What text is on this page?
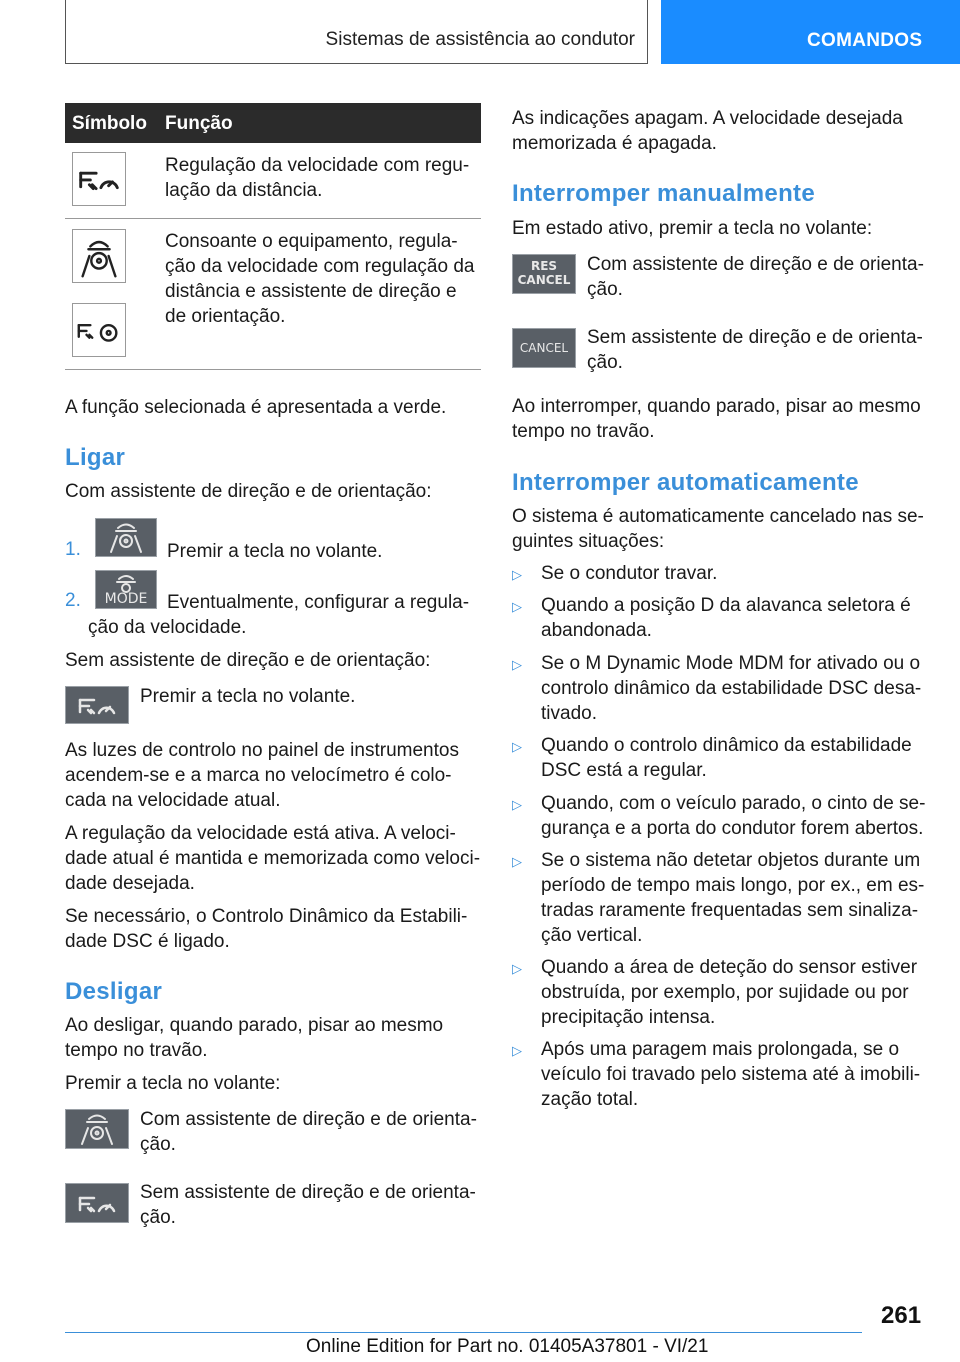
Sistemas de assistência ao condutor	COMANDOS
Símbolo Função
Regulação da velocidade com regu-
lação da distância.
Consoante o equipamento, regula-
ção da velocidade com regulação da
distância e assistente de direção e
de orientação.

A função selecionada é apresentada a verde.

Ligar

Com assistente de direção e de orientação:

1.	Premir a tecla no volante.

2.	MODE	Eventualmente, configurar a regula-

ção da velocidade.

Sem assistente de direção e de orientação:

Premir a tecla no volante.

As luzes de controlo no painel de instrumentos
acendem-se e a marca no velocímetro é colo-
cada na velocidade atual.

A regulação da velocidade está ativa. A veloci-
dade atual é mantida e memorizada como veloci-
dade desejada.

Se necessário, o Controlo Dinâmico da Estabili-
dade DSC é ligado.

Desligar

Ao desligar, quando parado, pisar ao mesmo
tempo no travão.

Premir a tecla no volante:

Com assistente de direção e de orienta-
ção.

Sem assistente de direção e de orienta-
ção.

As indicações apagam. A velocidade desejada
memorizada é apagada.

Interromper manualmente

Em estado ativo, premir a tecla no volante:

RES
CANCEL

Com assistente de direção e de orienta-
ção.

CANCEL Sem assistente de direção e de orienta-
ção.

Ao interromper, quando parado, pisar ao mesmo
tempo no travão.

Interromper automaticamente

O sistema é automaticamente cancelado nas se-
guintes situações:

▷ Se o condutor travar.

▷ Quando a posição D da alavanca seletora é
abandonada.

▷ Se o M Dynamic Mode MDM for ativado ou o
controlo dinâmico da estabilidade DSC desa-
tivado.

▷ Quando o controlo dinâmico da estabilidade
DSC está a regular.

▷ Quando, com o veículo parado, o cinto de se-
gurança e a porta do condutor forem abertos.

▷ Se o sistema não detetar objetos durante um
período de tempo mais longo, por ex., em es-
tradas raramente frequentadas sem sinaliza-
ção vertical.

▷ Quando a área de deteção do sensor estiver
obstruída, por exemplo, por sujidade ou por
precipitação intensa.

▷ Após uma paragem mais prolongada, se o
veículo foi travado pelo sistema até à imobili-
zação total.

261
Online Edition for Part no. 01405A37801 - VI/21
